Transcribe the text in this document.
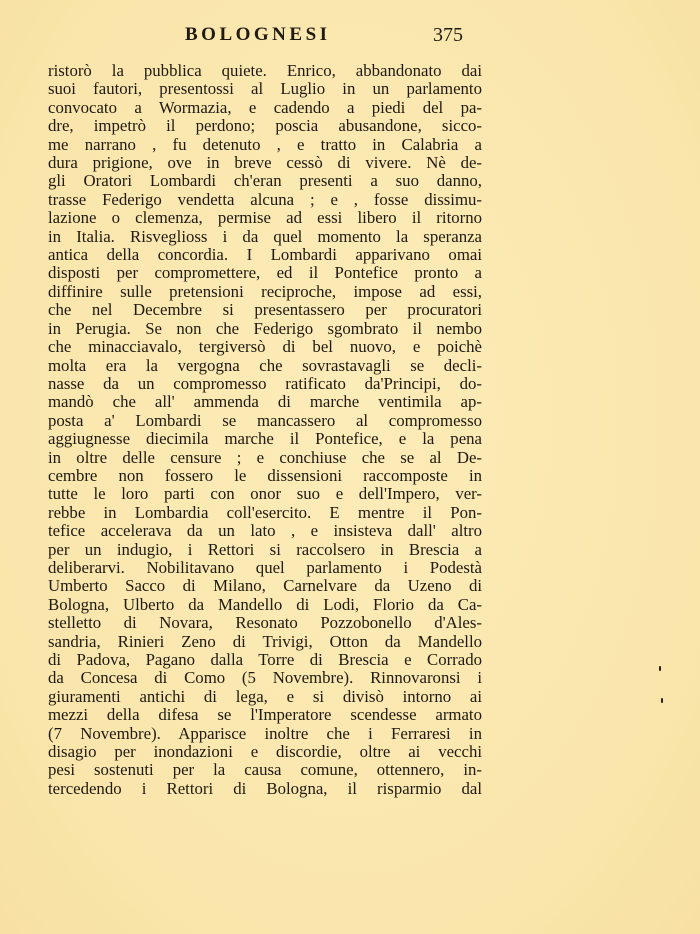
BOLOGNESI	375
ristorò la pubblica quiete. Enrico, abbandonato dai
suoi fautori, presentossi al Luglio in un parlamento
convocato a Wormazia, e cadendo a piedi del pa-
dre, impetrò il perdono; poscia abusandone, sicco-
me narrano , fu detenuto , e tratto in Calabria a
dura prigione, ove in breve cessò di vivere. Nè de-
gli Oratori Lombardi ch'eran presenti a suo danno,
trasse Federigo vendetta alcuna ; e , fosse dissimu-
lazione o clemenza, permise ad essi libero il ritorno
in Italia. Risveglioss i da quel momento la speranza
antica della concordia. I Lombardi apparivano omai
disposti per compromettere, ed il Pontefice pronto a
diffinire sulle pretensioni reciproche, impose ad essi,
che nel Decembre si presentassero per procuratori
in Perugia. Se non che Federigo sgombrato il nembo
che minacciavalo, tergiversò di bel nuovo, e poichè
molta era la vergogna che sovrastavagli se decli-
nasse da un compromesso ratificato da'Principi, do-
mandò che all' ammenda di marche ventimila ap-
posta a' Lombardi se mancassero al compromesso
aggiugnesse diecimila marche il Pontefice, e la pena
in oltre delle censure ; e conchiuse che se al De-
cembre non fossero le dissensioni raccomposte in
tutte le loro parti con onor suo e dell'Impero, ver-
rebbe in Lombardia coll'esercito. E mentre il Pon-
tefice accelerava da un lato , e insisteva dall' altro
per un indugio, i Rettori si raccolsero in Brescia a
deliberarvi. Nobilitavano quel parlamento i Podestà
Umberto Sacco di Milano, Carnelvare da Uzeno di
Bologna, Ulberto da Mandello di Lodi, Florio da Ca-
stelletto di Novara, Resonato Pozzobonello d'Ales-
sandria, Rinieri Zeno di Trivigi, Otton da Mandello
di Padova, Pagano dalla Torre di Brescia e Corrado
da Concesa di Como (5 Novembre). Rinnovaronsi i
giuramenti antichi di lega, e si divisò intorno ai
mezzi della difesa se l'Imperatore scendesse armato
(7 Novembre). Apparisce inoltre che i Ferraresi in
disagio per inondazioni e discordie, oltre ai vecchi
pesi sostenuti per la causa comune, ottennero, in-
tercedendo i Rettori di Bologna, il risparmio dal
